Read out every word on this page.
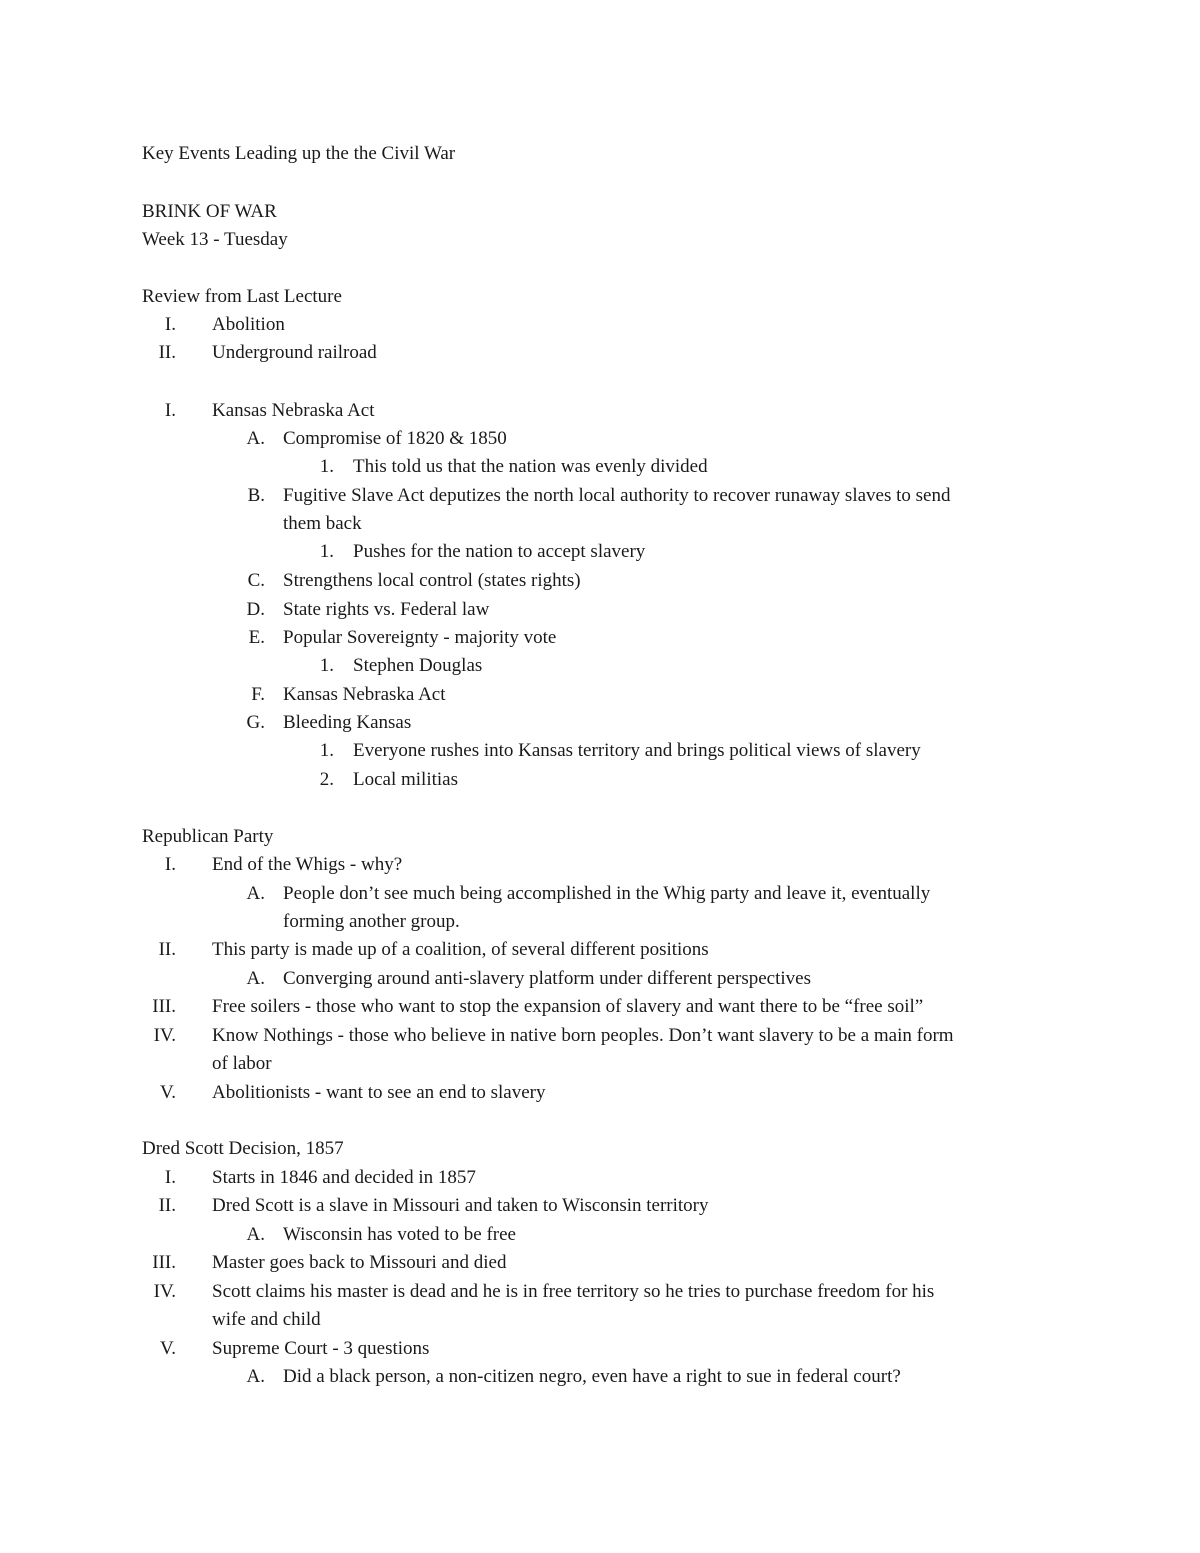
Key Events Leading up the the Civil War
BRINK OF WAR
Week 13 - Tuesday
Review from Last Lecture
I. Abolition
II. Underground railroad
I. Kansas Nebraska Act
A. Compromise of 1820 & 1850
1. This told us that the nation was evenly divided
B. Fugitive Slave Act deputizes the north local authority to recover runaway slaves to send
them back
1. Pushes for the nation to accept slavery
C. Strengthens local control (states rights)
D. State rights vs. Federal law
E. Popular Sovereignty - majority vote
1. Stephen Douglas
F. Kansas Nebraska Act
G. Bleeding Kansas
1. Everyone rushes into Kansas territory and brings political views of slavery
2. Local militias
Republican Party
I. End of the Whigs - why?
A. People don’t see much being accomplished in the Whig party and leave it, eventually
forming another group.
II. This party is made up of a coalition, of several different positions
A. Converging around anti-slavery platform under different perspectives
III. Free soilers - those who want to stop the expansion of slavery and want there to be “free soil”
IV. Know Nothings - those who believe in native born peoples. Don’t want slavery to be a main form
of labor
V. Abolitionists - want to see an end to slavery
Dred Scott Decision, 1857
I. Starts in 1846 and decided in 1857
II. Dred Scott is a slave in Missouri and taken to Wisconsin territory
A. Wisconsin has voted to be free
III. Master goes back to Missouri and died
IV. Scott claims his master is dead and he is in free territory so he tries to purchase freedom for his
wife and child
V. Supreme Court - 3 questions
A. Did a black person, a non-citizen negro, even have a right to sue in federal court?
